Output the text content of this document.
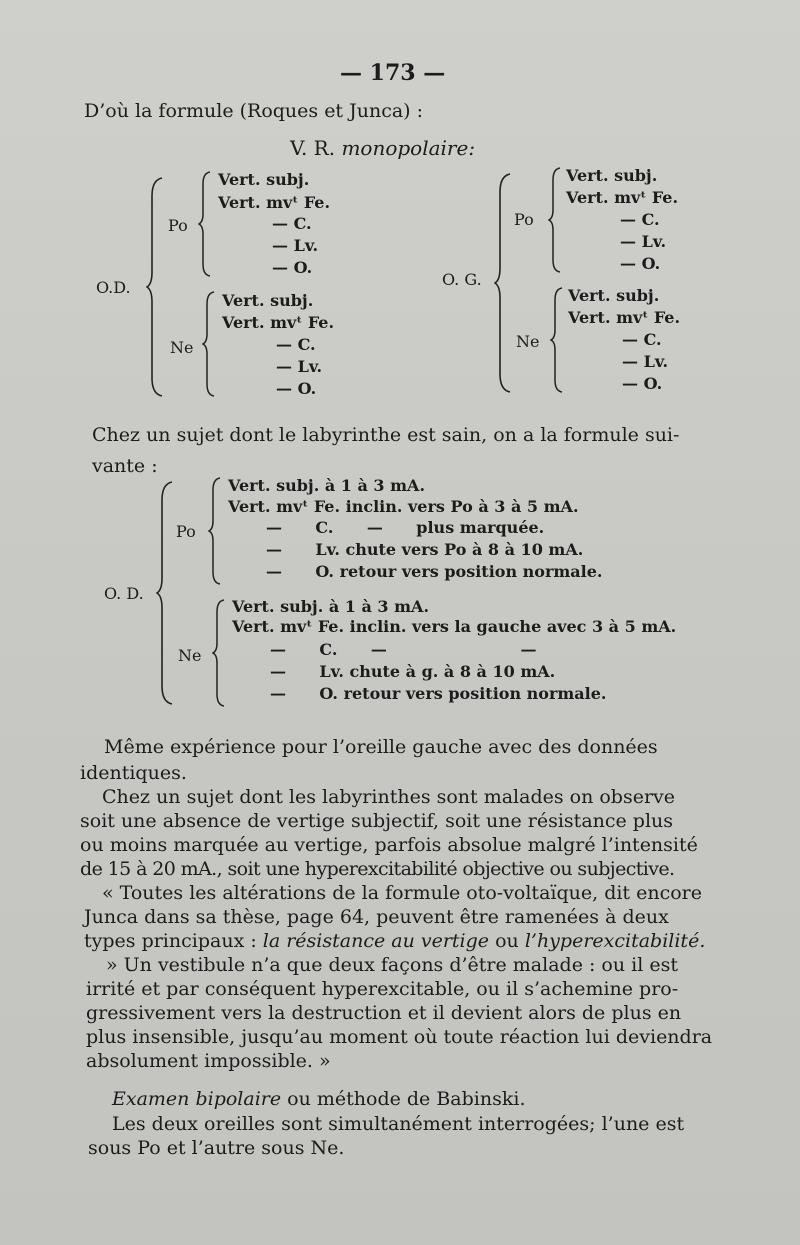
— 173 —
D’où la formule (Roques et Junca) :
V. R. monopolaire:
O.D.
Po
Vert. subj.
Vert. mvᵗ Fe.
— C.
— Lv.
— O.
Ne
Vert. subj.
Vert. mvᵗ Fe.
— C.
— Lv.
— O.
O. G.
Po
Vert. subj.
Vert. mvᵗ Fe.
— C.
— Lv.
— O.
Ne
Vert. subj.
Vert. mvᵗ Fe.
— C.
— Lv.
— O.
Chez un sujet dont le labyrinthe est sain, on a la formule sui-
vante :
O. D.
Po
Vert. subj. à 1 à 3 mA.
Vert. mvᵗ Fe. inclin. vers Po à 3 à 5 mA.
—      C.      —      plus marquée.
—      Lv. chute vers Po à 8 à 10 mA.
—      O. retour vers position normale.
Ne
Vert. subj. à 1 à 3 mA.
Vert. mvᵗ Fe. inclin. vers la gauche avec 3 à 5 mA.
—      C.      —                        —
—      Lv. chute à g. à 8 à 10 mA.
—      O. retour vers position normale.
Même expérience pour l’oreille gauche avec des données
identiques.
Chez un sujet dont les labyrinthes sont malades on observe
soit une absence de vertige subjectif, soit une résistance plus
ou moins marquée au vertige, parfois absolue malgré l’intensité
de 15 à 20 mA., soit une hyperexcitabilité objective ou subjective.
« Toutes les altérations de la formule oto-voltaïque, dit encore
Junca dans sa thèse, page 64, peuvent être ramenées à deux
types principaux : la résistance au vertige ou l’hyperexcitabilité.
» Un vestibule n’a que deux façons d’être malade : ou il est
irrité et par conséquent hyperexcitable, ou il s’achemine pro-
gressivement vers la destruction et il devient alors de plus en
plus insensible, jusqu’au moment où toute réaction lui deviendra
absolument impossible. »
Examen bipolaire ou méthode de Babinski.
Les deux oreilles sont simultanément interrogées; l’une est
sous Po et l’autre sous Ne.
